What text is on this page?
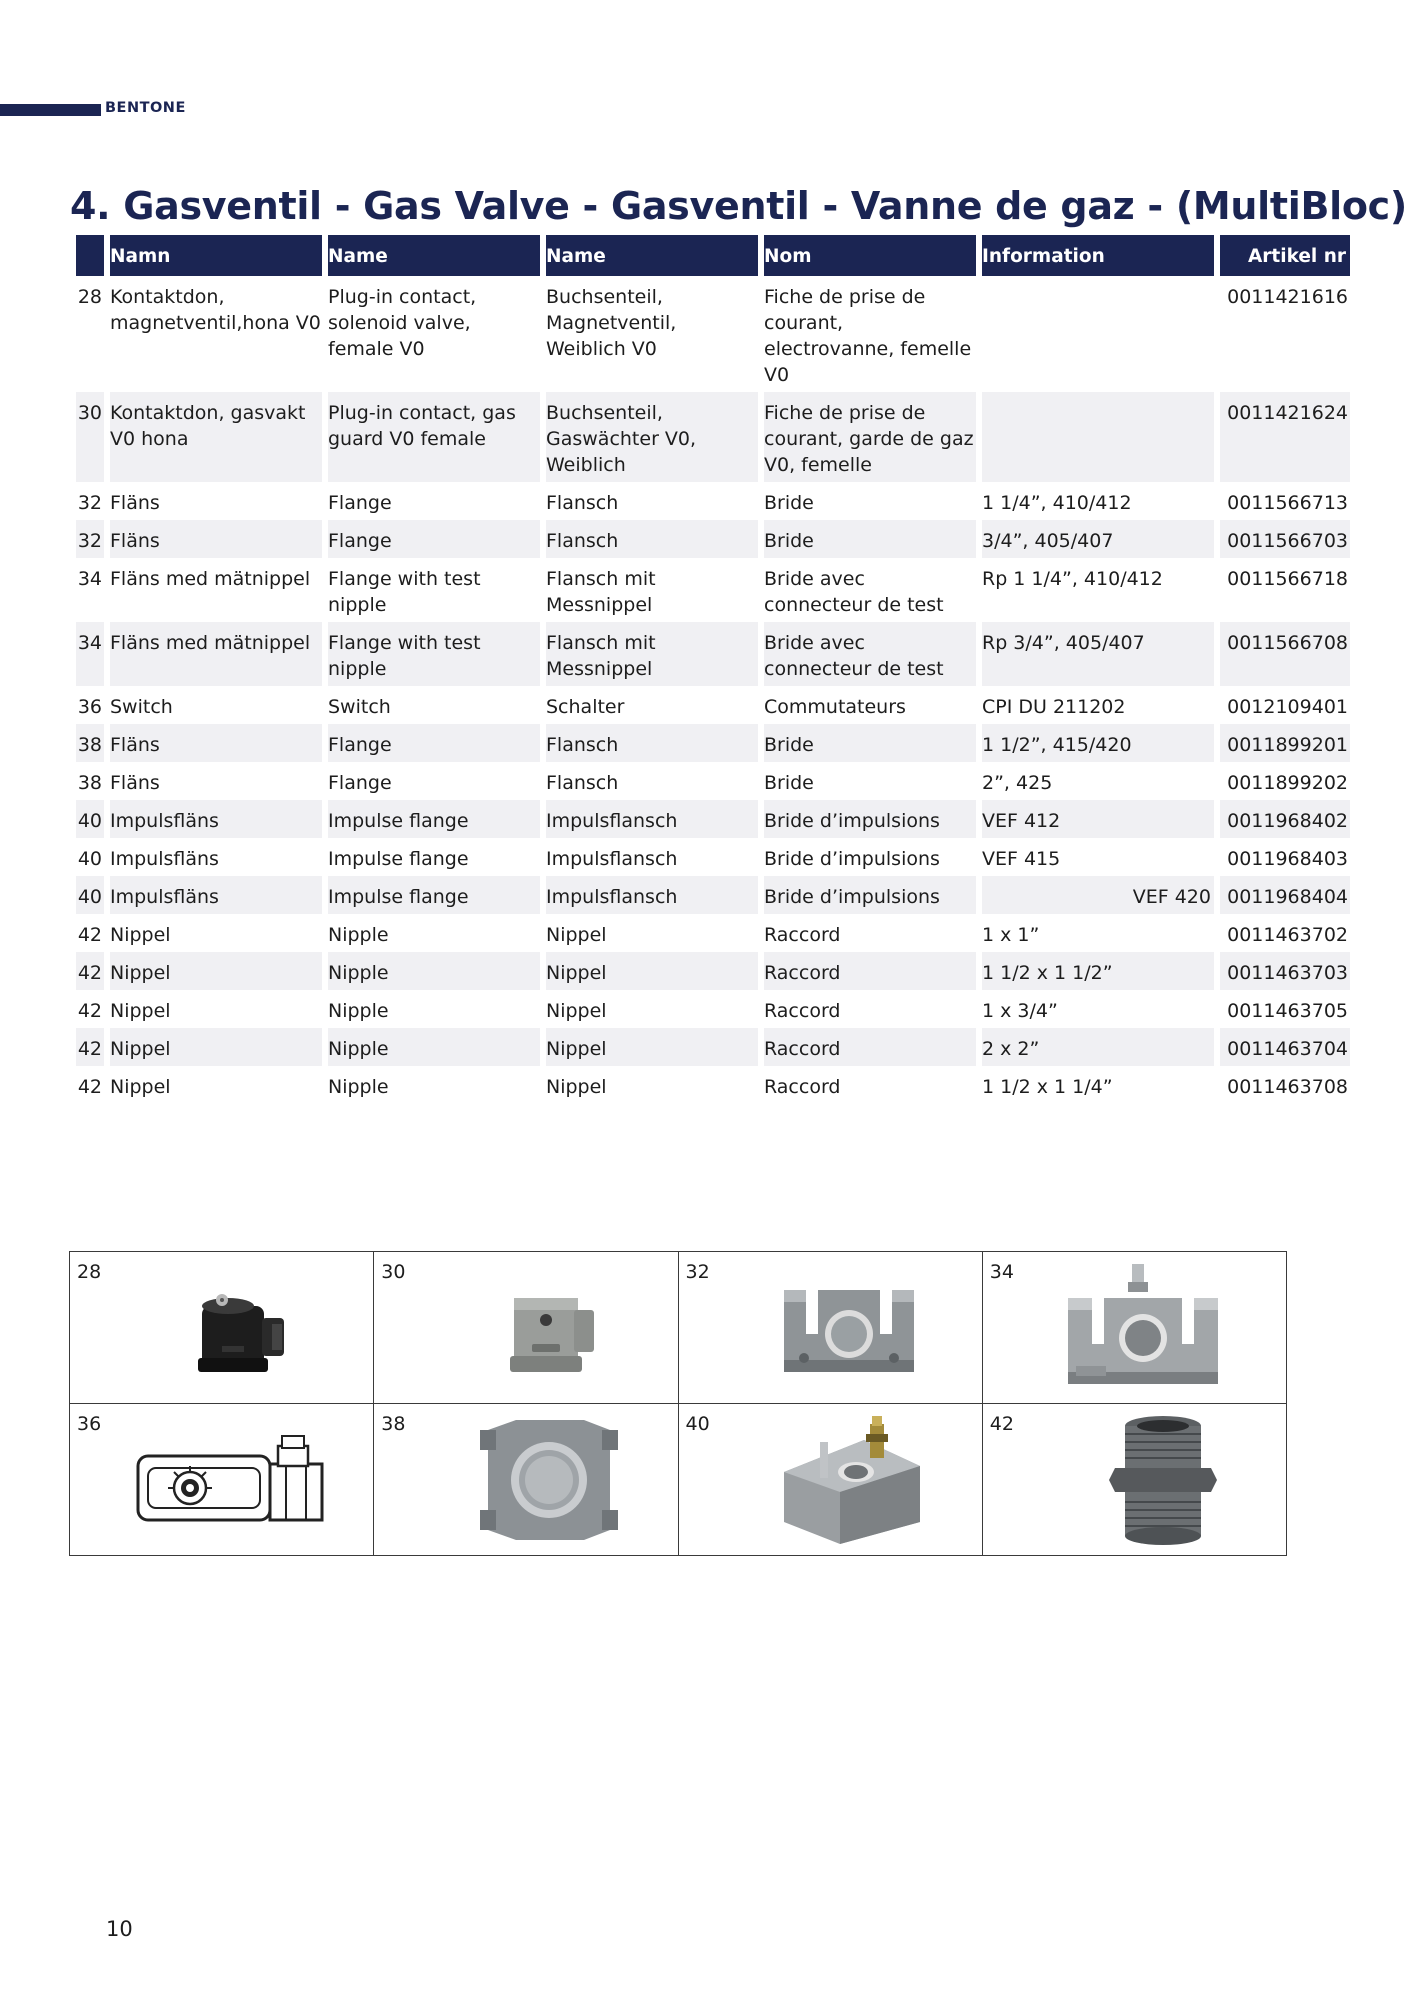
BENTONE
4. Gasventil - Gas Valve - Gasventil - Vanne de gaz - (MultiBloc)
	Namn	Name	Name	Nom	Information	Artikel nr
28	Kontaktdon, magnetventil,hona V0	Plug-in contact, solenoid valve, female V0	Buchsenteil, Magnetventil, Weiblich V0	Fiche de prise de courant, electrovanne, femelle V0		0011421616
30	Kontaktdon, gasvakt V0 hona	Plug-in contact, gas guard V0 female	Buchsenteil, Gaswächter V0, Weiblich	Fiche de prise de courant, garde de gaz V0, femelle		0011421624
32	Fläns	Flange	Flansch	Bride	1 1/4”, 410/412	0011566713
32	Fläns	Flange	Flansch	Bride	3/4”, 405/407	0011566703
34	Fläns med mätnippel	Flange with test nipple	Flansch mit Messnippel	Bride avec connecteur de test	Rp 1 1/4”, 410/412	0011566718
34	Fläns med mätnippel	Flange with test nipple	Flansch mit Messnippel	Bride avec connecteur de test	Rp 3/4”, 405/407	0011566708
36	Switch	Switch	Schalter	Commutateurs	CPI DU 211202	0012109401
38	Fläns	Flange	Flansch	Bride	1 1/2”, 415/420	0011899201
38	Fläns	Flange	Flansch	Bride	2”, 425	0011899202
40	Impulsfläns	Impulse flange	Impulsflansch	Bride d’impulsions	VEF 412	0011968402
40	Impulsfläns	Impulse flange	Impulsflansch	Bride d’impulsions	VEF 415	0011968403
40	Impulsfläns	Impulse flange	Impulsflansch	Bride d’impulsions	VEF 420	0011968404
42	Nippel	Nipple	Nippel	Raccord	1 x 1”	0011463702
42	Nippel	Nipple	Nippel	Raccord	1 1/2 x 1 1/2”	0011463703
42	Nippel	Nipple	Nippel	Raccord	1 x 3/4”	0011463705
42	Nippel	Nipple	Nippel	Raccord	2 x 2”	0011463704
42	Nippel	Nipple	Nippel	Raccord	1 1/2 x 1 1/4”	0011463708
28	30	32	34

36	38	40	42
10
